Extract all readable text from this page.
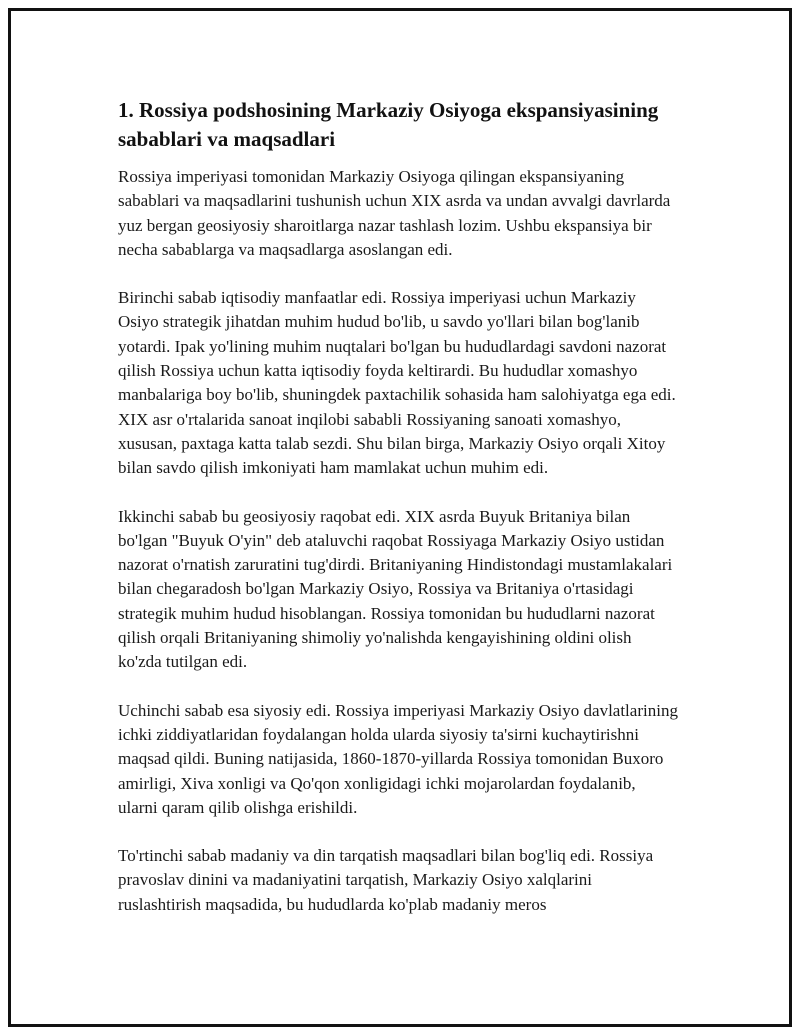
1. Rossiya podshosining Markaziy Osiyoga ekspansiyasining sabablari va maqsadlari

Rossiya imperiyasi tomonidan Markaziy Osiyoga qilingan ekspansiyaning sabablari va maqsadlarini tushunish uchun XIX asrda va undan avvalgi davrlarda yuz bergan geosiyosiy sharoitlarga nazar tashlash lozim. Ushbu ekspansiya bir necha sabablarga va maqsadlarga asoslangan edi.

Birinchi sabab iqtisodiy manfaatlar edi. Rossiya imperiyasi uchun Markaziy Osiyo strategik jihatdan muhim hudud bo'lib, u savdo yo'llari bilan bog'lanib yotardi. Ipak yo'lining muhim nuqtalari bo'lgan bu hududlardagi savdoni nazorat qilish Rossiya uchun katta iqtisodiy foyda keltirardi. Bu hududlar xomashyo manbalariga boy bo'lib, shuningdek paxtachilik sohasida ham salohiyatga ega edi. XIX asr o'rtalarida sanoat inqilobi sababli Rossiyaning sanoati xomashyo, xususan, paxtaga katta talab sezdi. Shu bilan birga, Markaziy Osiyo orqali Xitoy bilan savdo qilish imkoniyati ham mamlakat uchun muhim edi.

Ikkinchi sabab bu geosiyosiy raqobat edi. XIX asrda Buyuk Britaniya bilan bo'lgan "Buyuk O'yin" deb ataluvchi raqobat Rossiyaga Markaziy Osiyo ustidan nazorat o'rnatish zaruratini tug'dirdi. Britaniyaning Hindistondagi mustamlakalari bilan chegaradosh bo'lgan Markaziy Osiyo, Rossiya va Britaniya o'rtasidagi strategik muhim hudud hisoblangan. Rossiya tomonidan bu hududlarni nazorat qilish orqali Britaniyaning shimoliy yo'nalishda kengayishining oldini olish ko'zda tutilgan edi.

Uchinchi sabab esa siyosiy edi. Rossiya imperiyasi Markaziy Osiyo davlatlarining ichki ziddiyatlaridan foydalangan holda ularda siyosiy ta'sirni kuchaytirishni maqsad qildi. Buning natijasida, 1860-1870-yillarda Rossiya tomonidan Buxoro amirligi, Xiva xonligi va Qo'qon xonligidagi ichki mojarolardan foydalanib, ularni qaram qilib olishga erishildi.

To'rtinchi sabab madaniy va din tarqatish maqsadlari bilan bog'liq edi. Rossiya pravoslav dinini va madaniyatini tarqatish, Markaziy Osiyo xalqlarini ruslashtirish maqsadida, bu hududlarda ko'plab madaniy meros
